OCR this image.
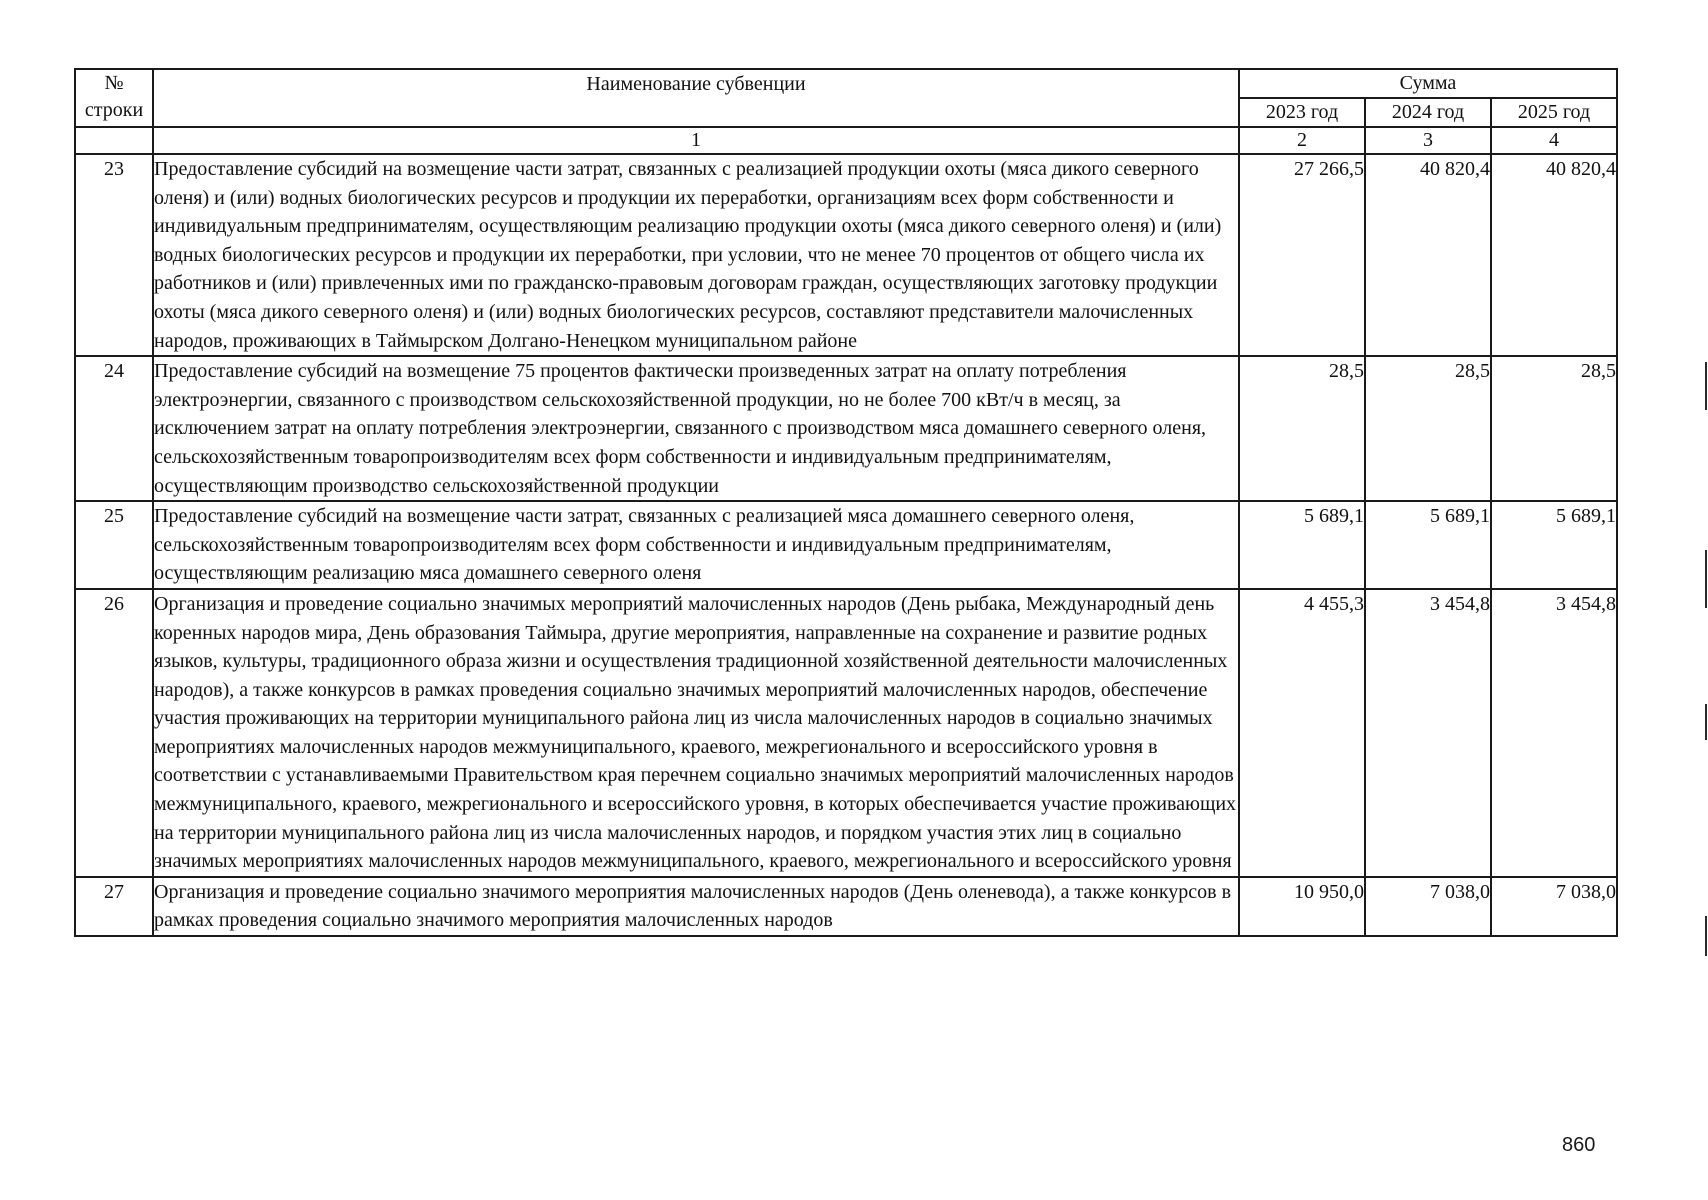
№ строки	Наименование субвенции	Сумма		
		2023 год	2024 год	2025 год
	1	2	3	4
23	Предоставление субсидий на возмещение части затрат, связанных с реализацией продукции охоты (мяса дикого северного оленя) и (или) водных биологических ресурсов и продукции их переработки, организациям всех форм собственности и индивидуальным предпринимателям, осуществляющим реализацию продукции охоты (мяса дикого северного оленя) и (или) водных биологических ресурсов и продукции их переработки, при условии, что не менее 70 процентов от общего числа их работников и (или) привлеченных ими по гражданско-правовым договорам граждан, осуществляющих заготовку продукции охоты (мяса дикого северного оленя) и (или) водных биологических ресурсов, составляют представители малочисленных народов, проживающих в Таймырском Долгано-Ненецком муниципальном районе	27 266,5	40 820,4	40 820,4
24	Предоставление субсидий на возмещение 75 процентов фактически произведенных затрат на оплату потребления электроэнергии, связанного с производством сельскохозяйственной продукции, но не более 700 кВт/ч в месяц, за исключением затрат на оплату потребления электроэнергии, связанного с производством мяса домашнего северного оленя, сельскохозяйственным товаропроизводителям всех форм собственности и индивидуальным предпринимателям, осуществляющим производство сельскохозяйственной продукции	28,5	28,5	28,5
25	Предоставление субсидий на возмещение части затрат, связанных с реализацией мяса домашнего северного оленя, сельскохозяйственным товаропроизводителям всех форм собственности и индивидуальным предпринимателям, осуществляющим реализацию мяса домашнего северного оленя	5 689,1	5 689,1	5 689,1
26	Организация и проведение социально значимых мероприятий малочисленных народов (День рыбака, Международный день коренных народов мира, День образования Таймыра, другие мероприятия, направленные на сохранение и развитие родных языков, культуры, традиционного образа жизни и осуществления традиционной хозяйственной деятельности малочисленных народов), а также конкурсов в рамках проведения социально значимых мероприятий малочисленных народов, обеспечение участия проживающих на территории муниципального района лиц из числа малочисленных народов в социально значимых мероприятиях малочисленных народов межмуниципального, краевого, межрегионального и всероссийского уровня в соответствии с устанавливаемыми Правительством края перечнем социально значимых мероприятий малочисленных народов межмуниципального, краевого, межрегионального и всероссийского уровня, в которых обеспечивается участие проживающих на территории муниципального района лиц из числа малочисленных народов, и порядком участия этих лиц в социально значимых мероприятиях малочисленных народов межмуниципального, краевого, межрегионального и всероссийского уровня	4 455,3	3 454,8	3 454,8
27	Организация и проведение социально значимого мероприятия малочисленных народов (День оленевода), а также конкурсов в рамках проведения социально значимого мероприятия малочисленных народов	10 950,0	7 038,0	7 038,0
860
